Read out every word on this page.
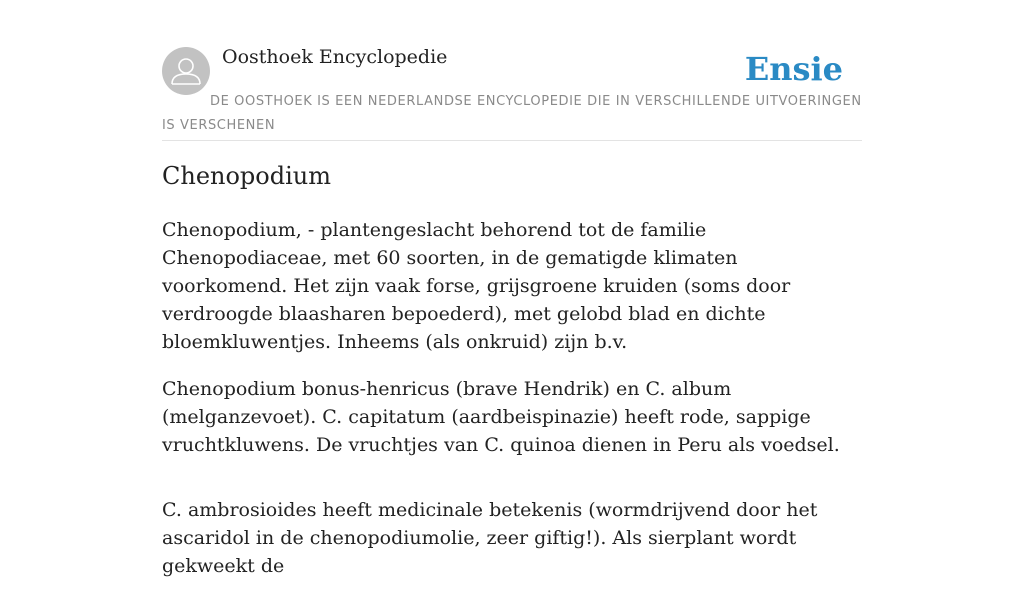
Oosthoek Encyclopedie	Ensie
DE OOSTHOEK IS EEN NEDERLANDSE ENCYCLOPEDIE DIE IN VERSCHILLENDE UITVOERINGEN IS VERSCHENEN
Chenopodium

Chenopodium, - plantengeslacht behorend tot de familie Chenopodiaceae, met 60 soorten, in de gematigde klimaten voorkomend. Het zijn vaak forse, grijsgroene kruiden (soms door verdroogde blaasharen bepoederd), met gelobd blad en dichte bloemkluwentjes. Inheems (als onkruid) zijn b.v.

Chenopodium bonus-henricus (brave Hendrik) en C. album (melganzevoet). C. capitatum (aardbeispinazie) heeft rode, sappige vruchtkluwens. De vruchtjes van C. quinoa dienen in Peru als voedsel.

C. ambrosioides heeft medicinale betekenis (wormdrijvend door het ascaridol in de chenopodiumolie, zeer giftig!). Als sierplant wordt gekweekt de
